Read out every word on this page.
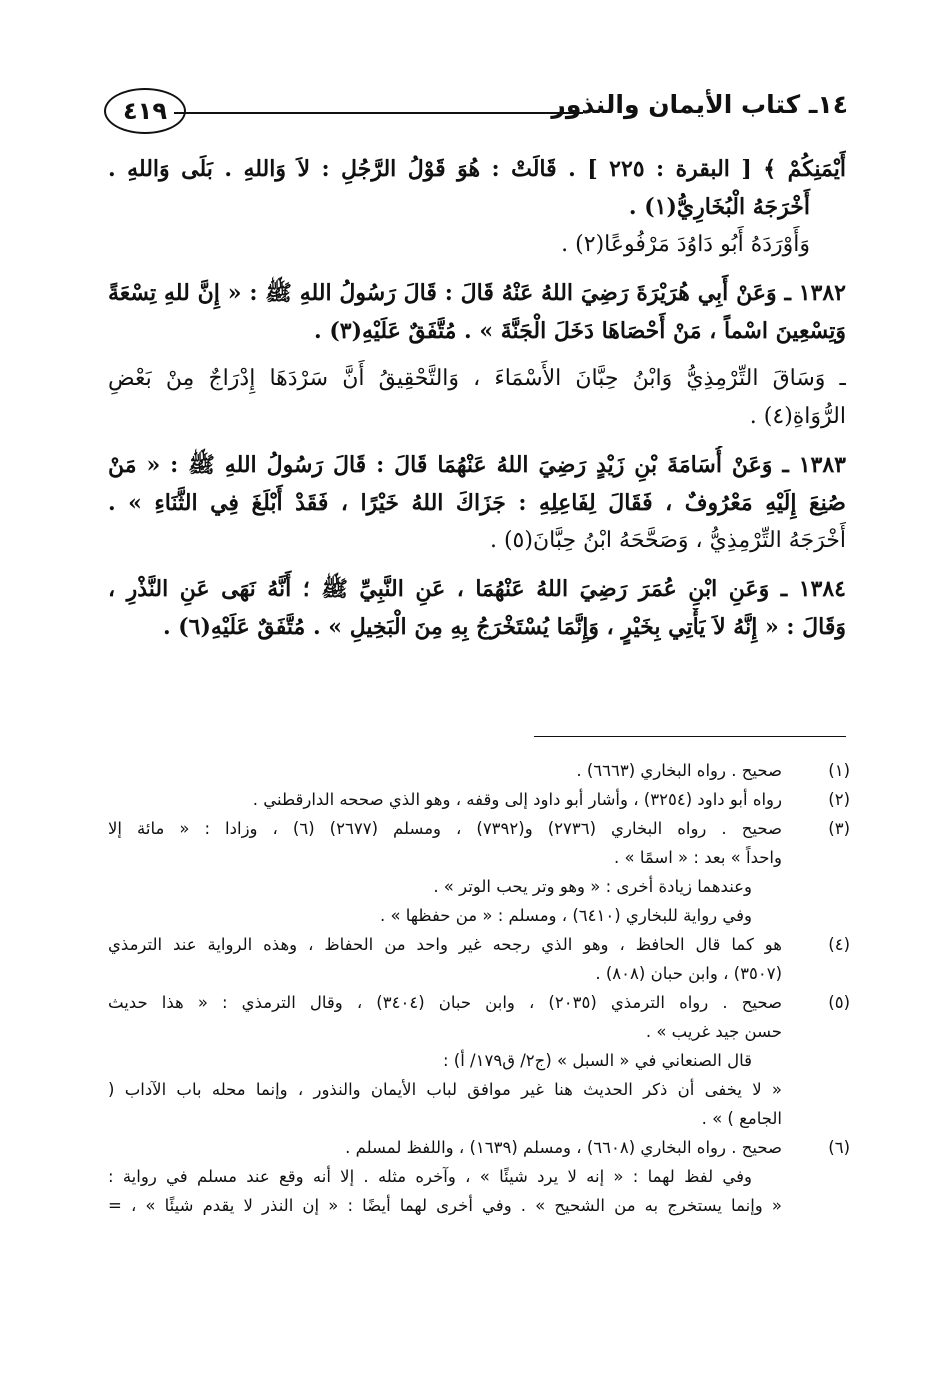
١٤ـ كتاب الأيمان والنذور
٤١٩
أَيْمَنِكُمْ ﴾ [ البقرة : ٢٢٥ ] . قَالَتْ : هُوَ قَوْلُ الرَّجُلِ : لاَ وَاللهِ . بَلَى وَاللهِ .
أَخْرَجَهُ الْبُخَارِيُّ(١) .
وَأَوْرَدَهُ أَبُو دَاوُدَ مَرْفُوعًا(٢) .
١٣٨٢ ـ وَعَنْ أَبِي هُرَيْرَةَ رَضِيَ اللهُ عَنْهُ قَالَ : قَالَ رَسُولُ اللهِ ﷺ : « إِنَّ للهِ تِسْعَةً
وَتِسْعِينَ اسْماً ، مَنْ أَحْصَاهَا دَخَلَ الْجَنَّةَ » . مُتَّفَقٌ عَلَيْهِ(٣) .
ـ وَسَاقَ التِّرْمِذِيُّ وَابْنُ حِبَّانَ الأَسْمَاءَ ، وَالتَّحْقِيقُ أَنَّ سَرْدَهَا إِدْرَاجٌ مِنْ بَعْضِ
الرُّوَاةِ(٤) .
١٣٨٣ ـ وَعَنْ أُسَامَةَ بْنِ زَيْدٍ رَضِيَ اللهُ عَنْهُمَا قَالَ : قَالَ رَسُولُ اللهِ ﷺ : « مَنْ
صُنِعَ إِلَيْهِ مَعْرُوفٌ ، فَقَالَ لِفَاعِلِهِ : جَزَاكَ اللهُ خَيْرًا ، فَقَدْ أَبْلَغَ فِي الثَّنَاءِ » .
أَخْرَجَهُ التِّرْمِذِيُّ ، وَصَحَّحَهُ ابْنُ حِبَّانَ(٥) .
١٣٨٤ ـ وَعَنِ ابْنِ عُمَرَ رَضِيَ اللهُ عَنْهُمَا ، عَنِ النَّبِيِّ ﷺ ؛ أَنَّهُ نَهَى عَنِ النَّذْرِ ،
وَقَالَ : « إِنَّهُ لاَ يَأْتِي بِخَيْرٍ ، وَإِنَّمَا يُسْتَخْرَجُ بِهِ مِنَ الْبَخِيلِ » . مُتَّفَقٌ عَلَيْهِ(٦) .
(١)
صحيح . رواه البخاري (٦٦٦٣) .
(٢)
رواه أبو داود (٣٢٥٤) ، وأشار أبو داود إلى وقفه ، وهو الذي صححه الدارقطني .
(٣)
صحيح . رواه البخاري (٢٧٣٦) و(٧٣٩٢) ، ومسلم (٢٦٧٧) (٦) ، وزادا : « مائة إلا
واحداً » بعد : « اسمًا » .
وعندهما زيادة أخرى : « وهو وتر يحب الوتر » .
وفي رواية للبخاري (٦٤١٠) ، ومسلم : « من حفظها » .
(٤)
هو كما قال الحافظ ، وهو الذي رجحه غير واحد من الحفاظ ، وهذه الرواية عند الترمذي
(٣٥٠٧) ، وابن حبان (٨٠٨) .
(٥)
صحيح . رواه الترمذي (٢٠٣٥) ، وابن حبان (٣٤٠٤) ، وقال الترمذي : « هذا حديث
حسن جيد غريب » .
قال الصنعاني في « السبل » (ج٢/ ق١٧٩/ أ) :
« لا يخفى أن ذكر الحديث هنا غير موافق لباب الأيمان والنذور ، وإنما محله باب الآداب (
الجامع ) » .
(٦)
صحيح . رواه البخاري (٦٦٠٨) ، ومسلم (١٦٣٩) ، واللفظ لمسلم .
وفي لفظ لهما : « إنه لا يرد شيئًا » ، وآخره مثله . إلا أنه وقع عند مسلم في رواية :
« وإنما يستخرج به من الشحيح » . وفي أخرى لهما أيضًا : « إن النذر لا يقدم شيئًا » ، =
